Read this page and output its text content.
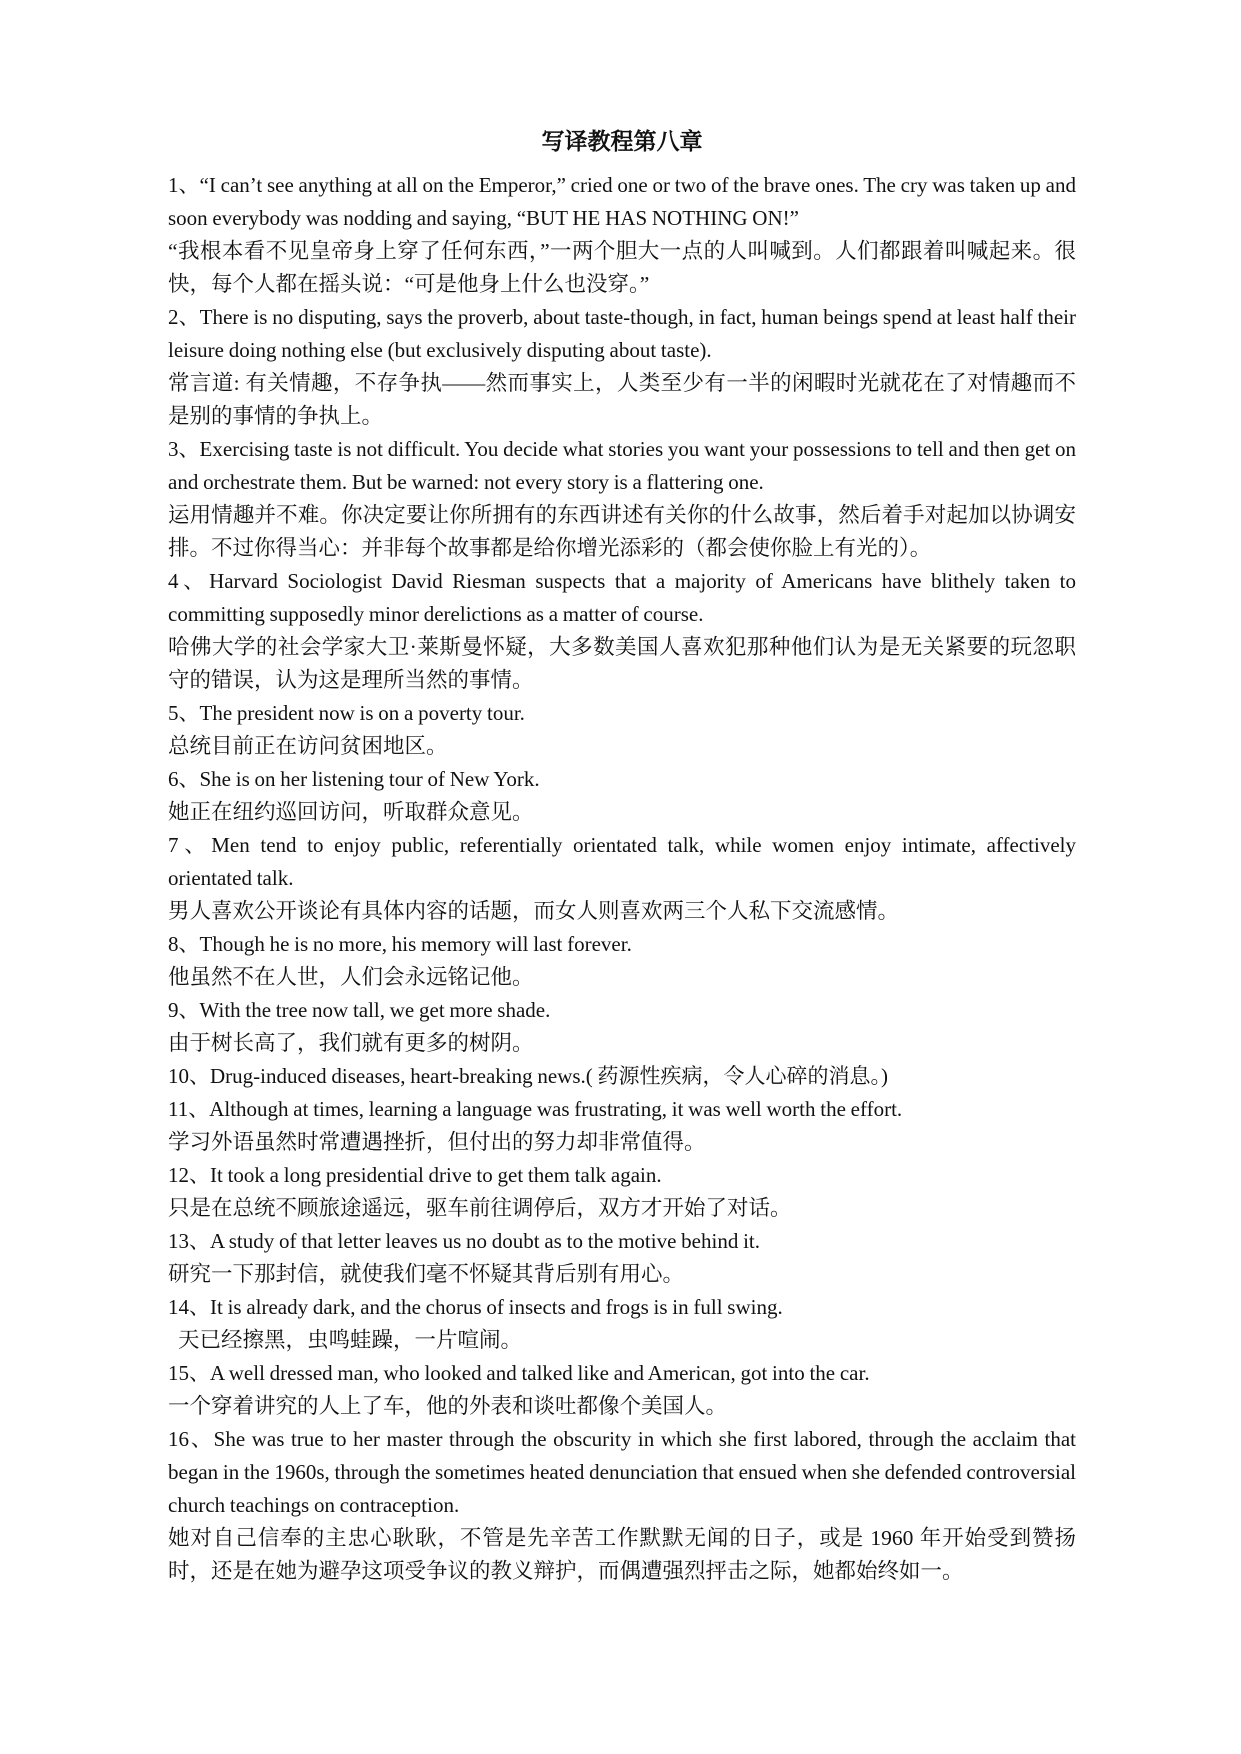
写译教程第八章

1、“I can’t see anything at all on the Emperor,” cried one or two of the brave ones. The cry was taken up and soon everybody was nodding and saying, “BUT HE HAS NOTHING ON!”

“我根本看不见皇帝身上穿了任何东西，”一两个胆大一点的人叫喊到。人们都跟着叫喊起来。很快，每个人都在摇头说：“可是他身上什么也没穿。”

2、There is no disputing, says the proverb, about taste-though, in fact, human beings spend at least half their leisure doing nothing else (but exclusively disputing about taste).

常言道: 有关情趣，不存争执——然而事实上，人类至少有一半的闲暇时光就花在了对情趣而不是别的事情的争执上。

3、Exercising taste is not difficult. You decide what stories you want your possessions to tell and then get on and orchestrate them. But be warned: not every story is a flattering one.

运用情趣并不难。你决定要让你所拥有的东西讲述有关你的什么故事，然后着手对起加以协调安排。不过你得当心：并非每个故事都是给你增光添彩的（都会使你脸上有光的）。

4、Harvard Sociologist David Riesman suspects that a majority of Americans have blithely taken to committing supposedly minor derelictions as a matter of course.

哈佛大学的社会学家大卫·莱斯曼怀疑，大多数美国人喜欢犯那种他们认为是无关紧要的玩忽职守的错误，认为这是理所当然的事情。

5、The president now is on a poverty tour.

总统目前正在访问贫困地区。

6、She is on her listening tour of New York.

她正在纽约巡回访问，听取群众意见。

7、Men tend to enjoy public, referentially orientated talk, while women enjoy intimate, affectively orientated talk.

男人喜欢公开谈论有具体内容的话题，而女人则喜欢两三个人私下交流感情。

8、Though he is no more, his memory will last forever.

他虽然不在人世，人们会永远铭记他。

9、With the tree now tall, we get more shade.

由于树长高了，我们就有更多的树阴。

10、Drug-induced diseases, heart-breaking news.( 药源性疾病，令人心碎的消息。)

11、Although at times, learning a language was frustrating, it was well worth the effort.

学习外语虽然时常遭遇挫折，但付出的努力却非常值得。

12、It took a long presidential drive to get them talk again.

只是在总统不顾旅途遥远，驱车前往调停后，双方才开始了对话。

13、A study of that letter leaves us no doubt as to the motive behind it.

研究一下那封信，就使我们毫不怀疑其背后别有用心。

14、It is already dark, and the chorus of insects and frogs is in full swing.

天已经擦黑，虫鸣蛙躁，一片喧闹。

15、A well dressed man, who looked and talked like and American, got into the car.

一个穿着讲究的人上了车，他的外表和谈吐都像个美国人。

16、She was true to her master through the obscurity in which she first labored, through the acclaim that began in the 1960s, through the sometimes heated denunciation that ensued when she defended controversial church teachings on contraception.

她对自己信奉的主忠心耿耿，不管是先辛苦工作默默无闻的日子，或是 1960 年开始受到赞扬时，还是在她为避孕这项受争议的教义辩护，而偶遭强烈抨击之际，她都始终如一。
